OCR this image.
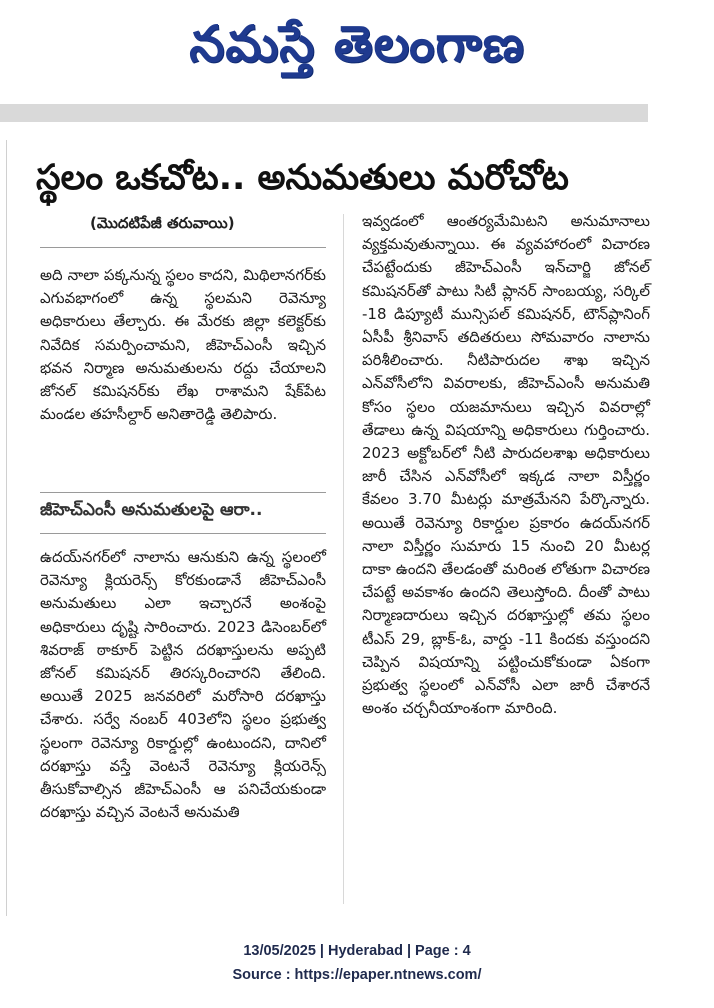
నమస్తే తెలంగాణ
స్థలం ఒకచోట.. అనుమతులు మరోచోట
(మొదటిపేజీ తరువాయి)

అది నాలా పక్కనున్న స్థలం కాదని, మిథిలానగర్‌కు ఎగువభాగంలో ఉన్న స్థలమని రెవెన్యూ అధికారులు తేల్చారు. ఈ మేరకు జిల్లా కలెక్టర్‌కు నివేదిక సమర్పించామని, జీహెచ్‌ఎంసీ ఇచ్చిన భవన నిర్మాణ అనుమతులను రద్దు చేయాలని జోనల్ కమిషనర్‌కు లేఖ రాశామని షేక్‌పేట మండల తహసీల్దార్ అనితారెడ్డి తెలిపారు.

జీహెచ్‌ఎంసీ అనుమతులపై ఆరా..

ఉదయ్‌నగర్‌లో నాలాను ఆనుకుని ఉన్న స్థలంలో రెవెన్యూ క్లియరెన్స్ కోరకుండానే జీహెచ్‌ఎంసీ అనుమతులు ఎలా ఇచ్చారనే అంశంపై అధికారులు దృష్టి సారించారు. 2023 డిసెంబర్‌లో శివరాజ్ ఠాకూర్ పెట్టిన దరఖాస్తులను అప్పటి జోనల్ కమిషనర్ తిరస్కరించారని తేలింది. అయితే 2025 జనవరిలో మరోసారి దరఖాస్తు చేశారు. సర్వే నంబర్ 403లోని స్థలం ప్రభుత్వ స్థలంగా రెవెన్యూ రికార్డుల్లో ఉంటుందని, దానిలో దరఖాస్తు వస్తే వెంటనే రెవెన్యూ క్లియరెన్స్ తీసుకోవాల్సిన జీహెచ్‌ఎంసీ ఆ పనిచేయకుండా దరఖాస్తు వచ్చిన వెంటనే అనుమతి

ఇవ్వడంలో ఆంతర్యమేమిటని అనుమానాలు వ్యక్తమవుతున్నాయి. ఈ వ్యవహారంలో విచారణ చేపట్టేందుకు జీహెచ్‌ఎంసీ ఇన్‌చార్జి జోనల్ కమిషనర్‌తో పాటు సిటీ ప్లానర్ సాంబయ్య, సర్కిల్ -18 డిప్యూటీ మున్సిపల్ కమిషనర్, టౌన్‌ప్లానింగ్ ఏసీపీ శ్రీనివాస్ తదితరులు సోమవారం నాలాను పరిశీలించారు. నీటిపారుదల శాఖ ఇచ్చిన ఎన్‌వోసీలోని వివరాలకు, జీహెచ్‌ఎంసీ అనుమతి కోసం స్థలం యజమానులు ఇచ్చిన వివరాల్లో తేడాలు ఉన్న విషయాన్ని అధికారులు గుర్తించారు. 2023 అక్టోబర్‌లో నీటి పారుదలశాఖ అధికారులు జారీ చేసిన ఎన్‌వోసీలో ఇక్కడ నాలా విస్తీర్ణం కేవలం 3.70 మీటర్లు మాత్రమేనని పేర్కొన్నారు. అయితే రెవెన్యూ రికార్డుల ప్రకారం ఉదయ్‌నగర్ నాలా విస్తీర్ణం సుమారు 15 నుంచి 20 మీటర్ల దాకా ఉందని తేలడంతో మరింత లోతుగా విచారణ చేపట్టే అవకాశం ఉందని తెలుస్తోంది. దీంతో పాటు నిర్మాణదారులు ఇచ్చిన దరఖాస్తుల్లో తమ స్థలం టీఎస్ 29, బ్లాక్-ఓ, వార్డు -11 కిందకు వస్తుందని చెప్పిన విషయాన్ని పట్టించుకోకుండా ఏకంగా ప్రభుత్వ స్థలంలో ఎన్‌వోసీ ఎలా జారీ చేశారనే అంశం చర్చనీయాంశంగా మారింది.

13/05/2025 | Hyderabad | Page : 4
Source : https://epaper.ntnews.com/
